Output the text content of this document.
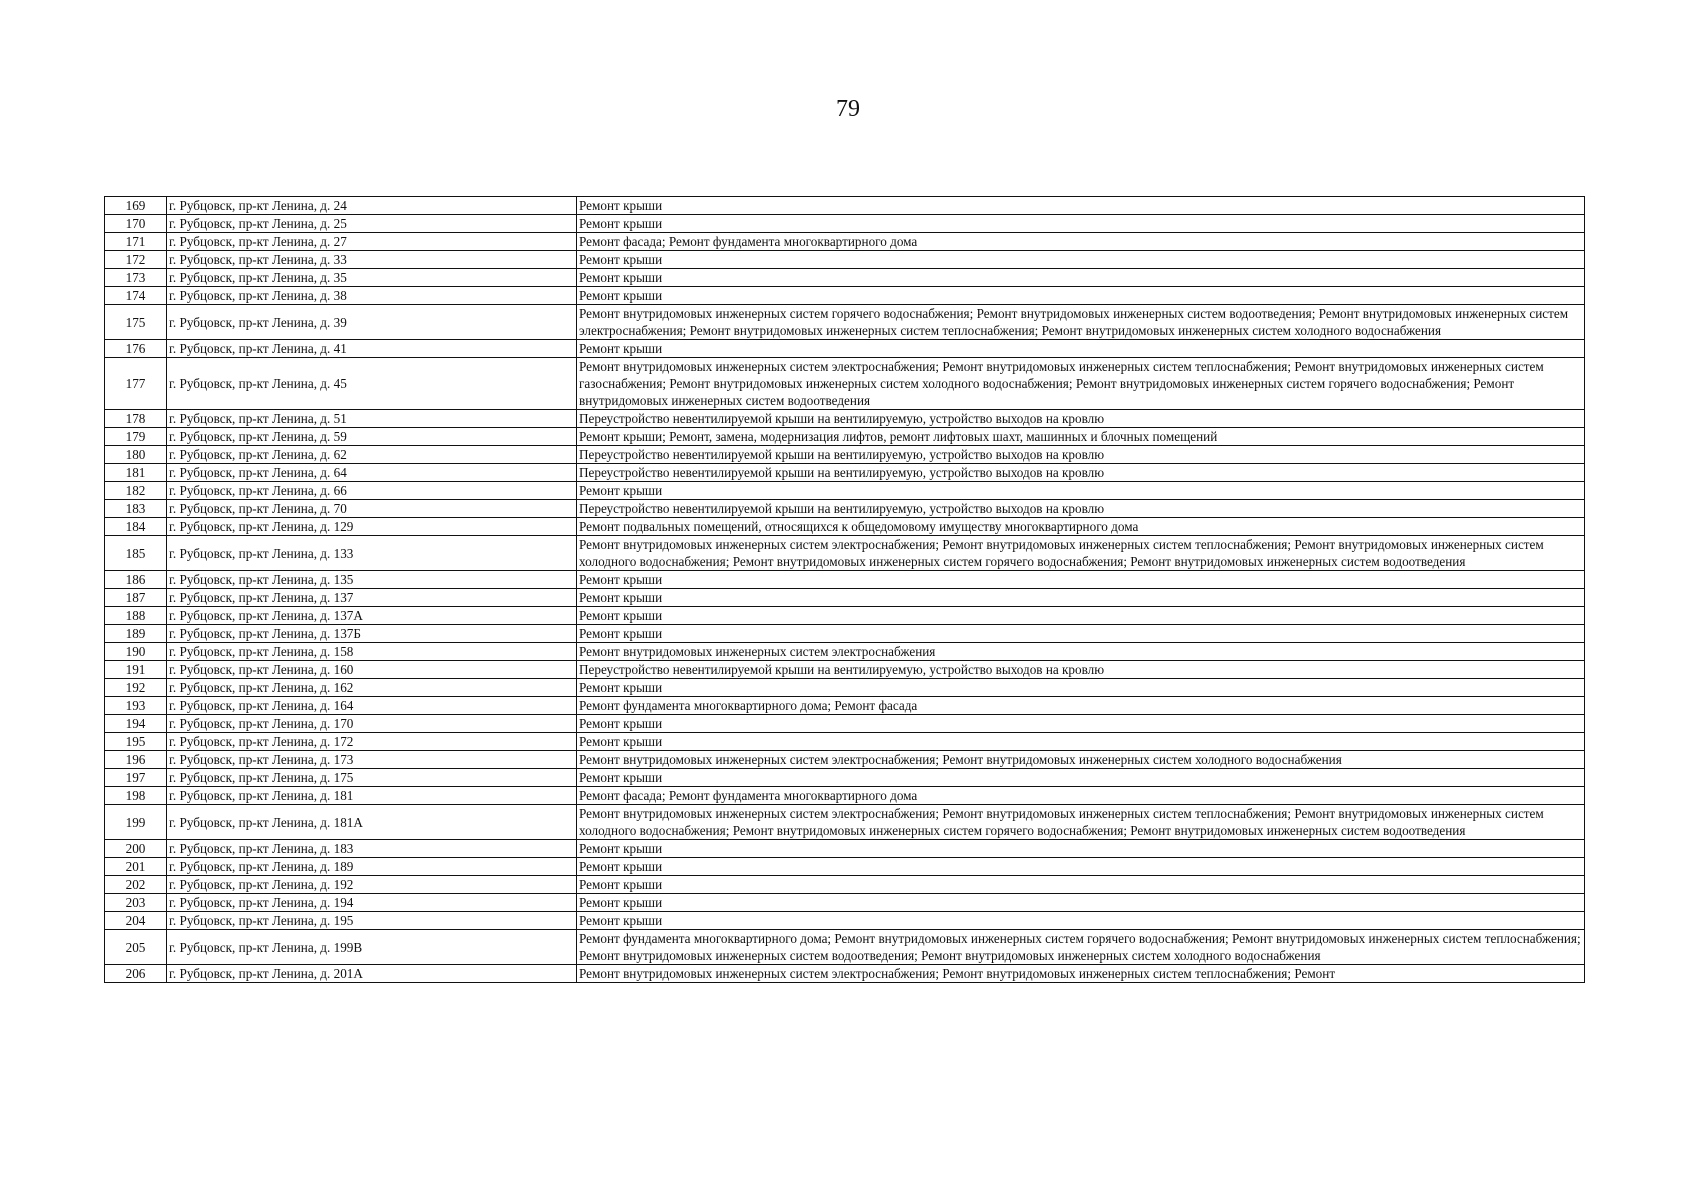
79
169	г. Рубцовск, пр-кт Ленина, д. 24	Ремонт крыши
170	г. Рубцовск, пр-кт Ленина, д. 25	Ремонт крыши
171	г. Рубцовск, пр-кт Ленина, д. 27	Ремонт фасада; Ремонт фундамента многоквартирного дома
172	г. Рубцовск, пр-кт Ленина, д. 33	Ремонт крыши
173	г. Рубцовск, пр-кт Ленина, д. 35	Ремонт крыши
174	г. Рубцовск, пр-кт Ленина, д. 38	Ремонт крыши
175	г. Рубцовск, пр-кт Ленина, д. 39	Ремонт внутридомовых инженерных систем горячего водоснабжения; Ремонт внутридомовых инженерных систем водоотведения; Ремонт внутридомовых инженерных систем электроснабжения; Ремонт внутридомовых инженерных систем теплоснабжения; Ремонт внутридомовых инженерных систем холодного водоснабжения
176	г. Рубцовск, пр-кт Ленина, д. 41	Ремонт крыши
177	г. Рубцовск, пр-кт Ленина, д. 45	Ремонт внутридомовых инженерных систем электроснабжения; Ремонт внутридомовых инженерных систем теплоснабжения; Ремонт внутридомовых инженерных систем газоснабжения; Ремонт внутридомовых инженерных систем холодного водоснабжения; Ремонт внутридомовых инженерных систем горячего водоснабжения; Ремонт внутридомовых инженерных систем водоотведения
178	г. Рубцовск, пр-кт Ленина, д. 51	Переустройство невентилируемой крыши на вентилируемую, устройство выходов на кровлю
179	г. Рубцовск, пр-кт Ленина, д. 59	Ремонт крыши; Ремонт, замена, модернизация лифтов, ремонт лифтовых шахт, машинных и блочных помещений
180	г. Рубцовск, пр-кт Ленина, д. 62	Переустройство невентилируемой крыши на вентилируемую, устройство выходов на кровлю
181	г. Рубцовск, пр-кт Ленина, д. 64	Переустройство невентилируемой крыши на вентилируемую, устройство выходов на кровлю
182	г. Рубцовск, пр-кт Ленина, д. 66	Ремонт крыши
183	г. Рубцовск, пр-кт Ленина, д. 70	Переустройство невентилируемой крыши на вентилируемую, устройство выходов на кровлю
184	г. Рубцовск, пр-кт Ленина, д. 129	Ремонт подвальных помещений, относящихся к общедомовому имуществу многоквартирного дома
185	г. Рубцовск, пр-кт Ленина, д. 133	Ремонт внутридомовых инженерных систем электроснабжения; Ремонт внутридомовых инженерных систем теплоснабжения; Ремонт внутридомовых инженерных систем холодного водоснабжения; Ремонт внутридомовых инженерных систем горячего водоснабжения; Ремонт внутридомовых инженерных систем водоотведения
186	г. Рубцовск, пр-кт Ленина, д. 135	Ремонт крыши
187	г. Рубцовск, пр-кт Ленина, д. 137	Ремонт крыши
188	г. Рубцовск, пр-кт Ленина, д. 137А	Ремонт крыши
189	г. Рубцовск, пр-кт Ленина, д. 137Б	Ремонт крыши
190	г. Рубцовск, пр-кт Ленина, д. 158	Ремонт внутридомовых инженерных систем электроснабжения
191	г. Рубцовск, пр-кт Ленина, д. 160	Переустройство невентилируемой крыши на вентилируемую, устройство выходов на кровлю
192	г. Рубцовск, пр-кт Ленина, д. 162	Ремонт крыши
193	г. Рубцовск, пр-кт Ленина, д. 164	Ремонт фундамента многоквартирного дома; Ремонт фасада
194	г. Рубцовск, пр-кт Ленина, д. 170	Ремонт крыши
195	г. Рубцовск, пр-кт Ленина, д. 172	Ремонт крыши
196	г. Рубцовск, пр-кт Ленина, д. 173	Ремонт внутридомовых инженерных систем электроснабжения; Ремонт внутридомовых инженерных систем холодного водоснабжения
197	г. Рубцовск, пр-кт Ленина, д. 175	Ремонт крыши
198	г. Рубцовск, пр-кт Ленина, д. 181	Ремонт фасада; Ремонт фундамента многоквартирного дома
199	г. Рубцовск, пр-кт Ленина, д. 181А	Ремонт внутридомовых инженерных систем электроснабжения; Ремонт внутридомовых инженерных систем теплоснабжения; Ремонт внутридомовых инженерных систем холодного водоснабжения; Ремонт внутридомовых инженерных систем горячего водоснабжения; Ремонт внутридомовых инженерных систем водоотведения
200	г. Рубцовск, пр-кт Ленина, д. 183	Ремонт крыши
201	г. Рубцовск, пр-кт Ленина, д. 189	Ремонт крыши
202	г. Рубцовск, пр-кт Ленина, д. 192	Ремонт крыши
203	г. Рубцовск, пр-кт Ленина, д. 194	Ремонт крыши
204	г. Рубцовск, пр-кт Ленина, д. 195	Ремонт крыши
205	г. Рубцовск, пр-кт Ленина, д. 199В	Ремонт фундамента многоквартирного дома; Ремонт внутридомовых инженерных систем горячего водоснабжения; Ремонт внутридомовых инженерных систем теплоснабжения; Ремонт внутридомовых инженерных систем водоотведения; Ремонт внутридомовых инженерных систем холодного водоснабжения
206	г. Рубцовск, пр-кт Ленина, д. 201А	Ремонт внутридомовых инженерных систем электроснабжения; Ремонт внутридомовых инженерных систем теплоснабжения; Ремонт
